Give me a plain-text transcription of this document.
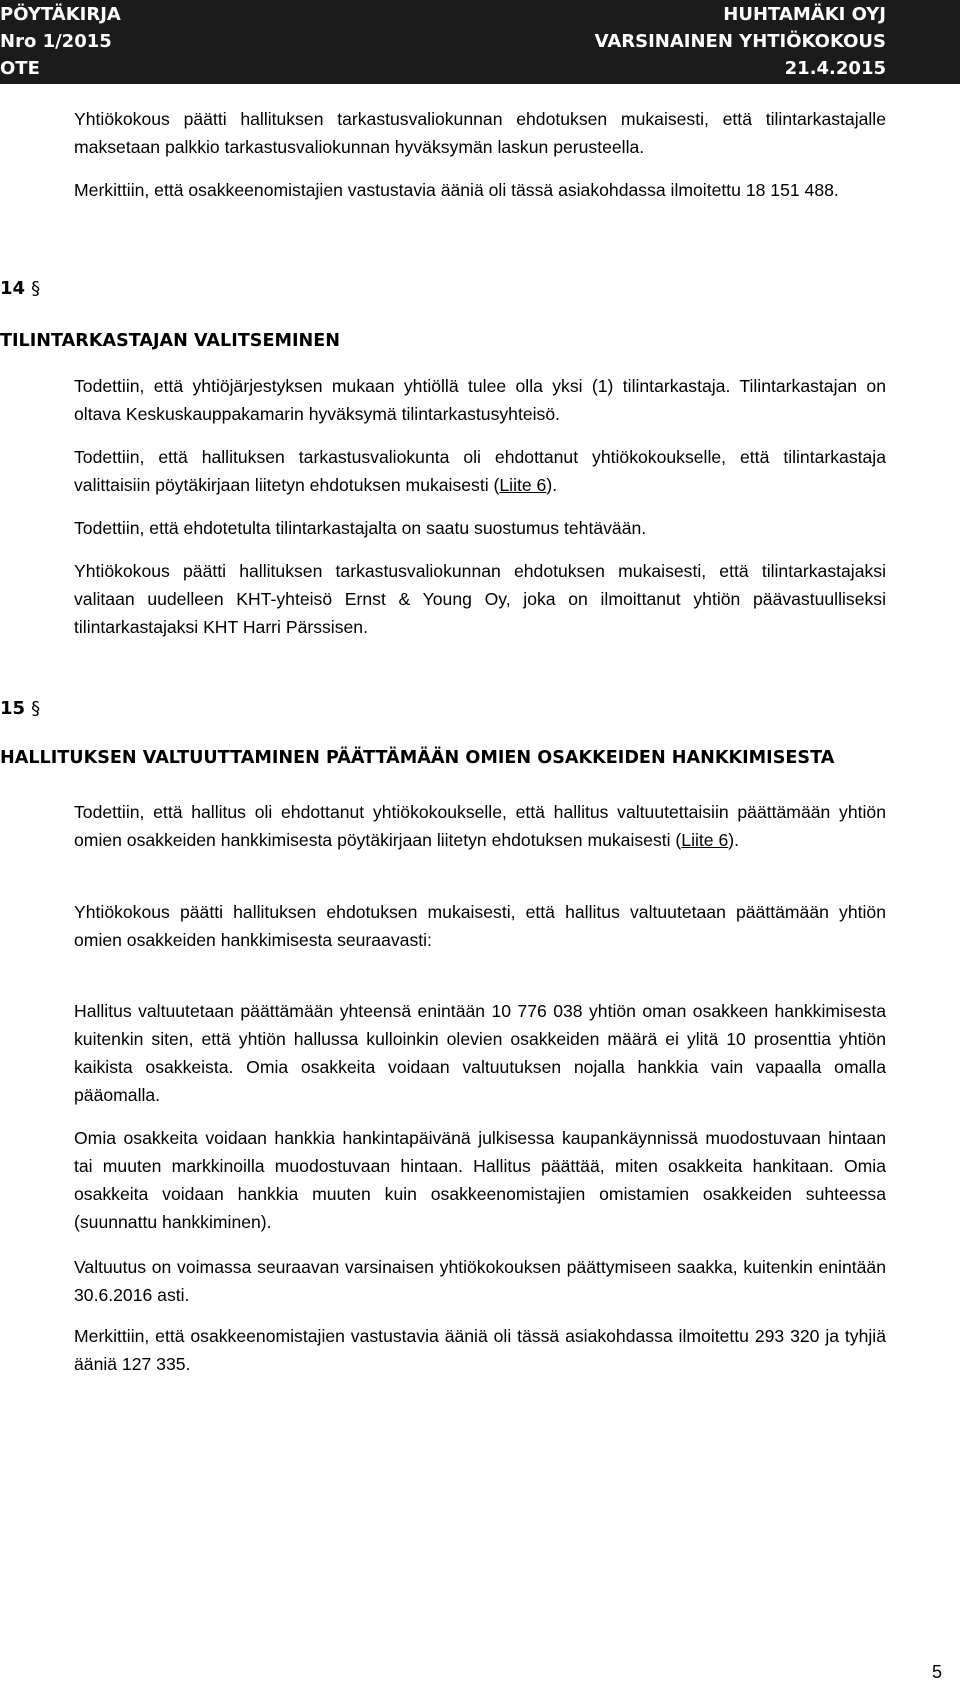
PÖYTÄKIRJA	HUHTAMÄKI OYJ
Nro 1/2015	VARSINAINEN YHTIÖKOKOUS
OTE	21.4.2015

Yhtiökokous päätti hallituksen tarkastusvaliokunnan ehdotuksen mukaisesti, että tilintarkastajalle maksetaan palkkio tarkastusvaliokunnan hyväksymän laskun perusteella.

Merkittiin, että osakkeenomistajien vastustavia ääniä oli tässä asiakohdassa ilmoitettu 18 151 488.

14 §
TILINTARKASTAJAN VALITSEMINEN

Todettiin, että yhtiöjärjestyksen mukaan yhtiöllä tulee olla yksi (1) tilintarkastaja. Tilintarkastajan on oltava Keskuskauppakamarin hyväksymä tilintarkastusyhteisö.

Todettiin, että hallituksen tarkastusvaliokunta oli ehdottanut yhtiökokoukselle, että tilintarkastaja valittaisiin pöytäkirjaan liitetyn ehdotuksen mukaisesti (Liite 6).

Todettiin, että ehdotetulta tilintarkastajalta on saatu suostumus tehtävään.

Yhtiökokous päätti hallituksen tarkastusvaliokunnan ehdotuksen mukaisesti, että tilintarkastajaksi valitaan uudelleen KHT-yhteisö Ernst & Young Oy, joka on ilmoittanut yhtiön päävastuulliseksi tilintarkastajaksi KHT Harri Pärssisen.

15 §
HALLITUKSEN VALTUUTTAMINEN PÄÄTTÄMÄÄN OMIEN OSAKKEIDEN HANKKIMISESTA

Todettiin, että hallitus oli ehdottanut yhtiökokoukselle, että hallitus valtuutettaisiin päättämään yhtiön omien osakkeiden hankkimisesta pöytäkirjaan liitetyn ehdotuksen mukaisesti (Liite 6).

Yhtiökokous päätti hallituksen ehdotuksen mukaisesti, että hallitus valtuutetaan päättämään yhtiön omien osakkeiden hankkimisesta seuraavasti:

Hallitus valtuutetaan päättämään yhteensä enintään 10 776 038 yhtiön oman osakkeen hankkimisesta kuitenkin siten, että yhtiön hallussa kulloinkin olevien osakkeiden määrä ei ylitä 10 prosenttia yhtiön kaikista osakkeista. Omia osakkeita voidaan valtuutuksen nojalla hankkia vain vapaalla omalla pääomalla.

Omia osakkeita voidaan hankkia hankintapäivänä julkisessa kaupankäynnissä muodostuvaan hintaan tai muuten markkinoilla muodostuvaan hintaan. Hallitus päättää, miten osakkeita hankitaan. Omia osakkeita voidaan hankkia muuten kuin osakkeenomistajien omistamien osakkeiden suhteessa (suunnattu hankkiminen).

Valtuutus on voimassa seuraavan varsinaisen yhtiökokouksen päättymiseen saakka, kuitenkin enintään 30.6.2016 asti.

Merkittiin, että osakkeenomistajien vastustavia ääniä oli tässä asiakohdassa ilmoitettu 293 320 ja tyhjiä ääniä 127 335.

5
